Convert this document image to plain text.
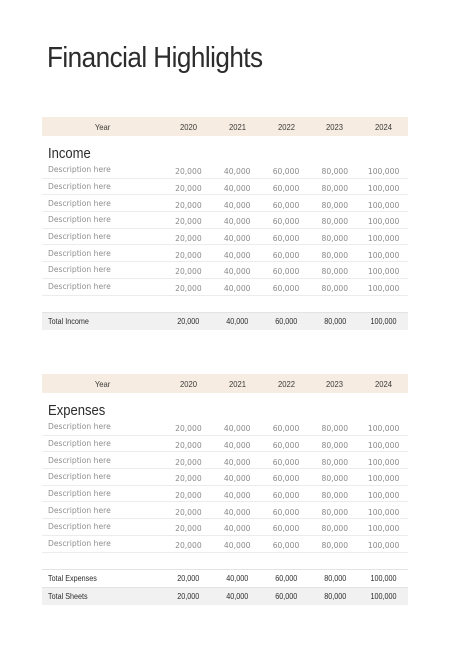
Financial Highlights
Year	2020	2021	2022	2023	2024
Income
Description here	20,000	40,000	60,000	80,000	100,000
Description here	20,000	40,000	60,000	80,000	100,000
Description here	20,000	40,000	60,000	80,000	100,000
Description here	20,000	40,000	60,000	80,000	100,000
Description here	20,000	40,000	60,000	80,000	100,000
Description here	20,000	40,000	60,000	80,000	100,000
Description here	20,000	40,000	60,000	80,000	100,000
Description here	20,000	40,000	60,000	80,000	100,000
Total Income	20,000	40,000	60,000	80,000	100,000
Year	2020	2021	2022	2023	2024
Expenses
Description here	20,000	40,000	60,000	80,000	100,000
Description here	20,000	40,000	60,000	80,000	100,000
Description here	20,000	40,000	60,000	80,000	100,000
Description here	20,000	40,000	60,000	80,000	100,000
Description here	20,000	40,000	60,000	80,000	100,000
Description here	20,000	40,000	60,000	80,000	100,000
Description here	20,000	40,000	60,000	80,000	100,000
Description here	20,000	40,000	60,000	80,000	100,000
Total Expenses	20,000	40,000	60,000	80,000	100,000
Total Sheets	20,000	40,000	60,000	80,000	100,000
